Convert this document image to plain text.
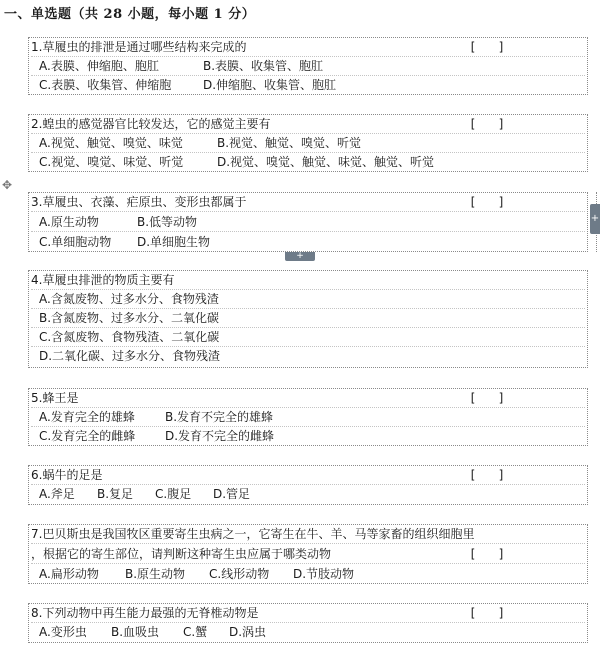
一、单选题（共 28 小题，每小题 1 分）
1.草履虫的排泄是通过哪些结构来完成的	[ ]
A.表膜、伸缩胞、胞肛	B.表膜、收集管、胞肛
C.表膜、收集管、伸缩胞	D.伸缩胞、收集管、胞肛
2.蝗虫的感觉器官比较发达，它的感觉主要有	[ ]
A.视觉、触觉、嗅觉、味觉	B.视觉、触觉、嗅觉、听觉
C.视觉、嗅觉、味觉、听觉	D.视觉、嗅觉、触觉、味觉、触觉、听觉
3.草履虫、衣藻、疟原虫、变形虫都属于	[ ]
A.原生动物	B.低等动物
C.单细胞动物 D.单细胞生物
4.草履虫排泄的物质主要有
A.含氮废物、过多水分、食物残渣
B.含氮废物、过多水分、二氧化碳
C.含氮废物、食物残渣、二氧化碳
D.二氧化碳、过多水分、食物残渣
5.蜂王是	[ ]
A.发育完全的雄蜂	B.发育不完全的雄蜂
C.发育完全的雌蜂 D.发育不完全的雌蜂
6.蜗牛的足是	[ ]
A.斧足 B.复足 C.腹足 D.管足
7.巴贝斯虫是我国牧区重要寄生虫病之一，它寄生在牛、羊、马等家畜的组织细胞里
，根据它的寄生部位，请判断这种寄生虫应属于哪类动物	[ ]
A.扁形动物 B.原生动物 C.线形动物 D.节肢动物
8.下列动物中再生能力最强的无脊椎动物是	[ ]
A.变形虫 B.血吸虫 C.蟹 D.涡虫
✥
+
+
